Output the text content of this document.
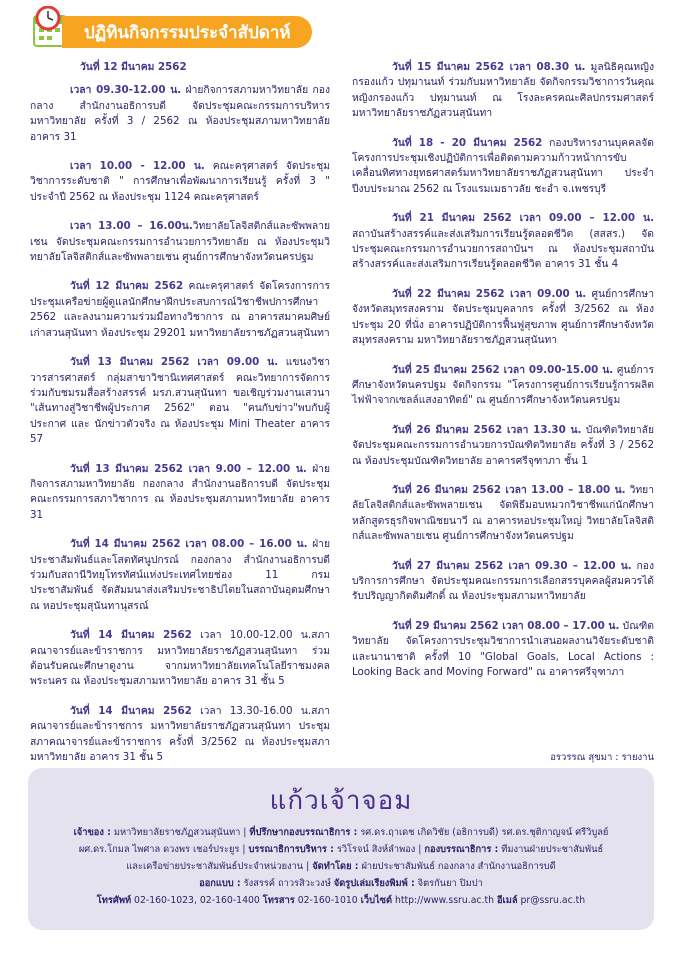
ปฏิทินกิจกรรมประจำสัปดาห์
วันที่ 12 มีนาคม 2562

เวลา 09.30-12.00 น. ฝ่ายกิจการสภามหาวิทยาลัย กองกลาง สำนักงานอธิการบดี จัดประชุมคณะกรรมการบริหารมหาวิทยาลัย ครั้งที่ 3 / 2562 ณ ห้องประชุมสภามหาวิทยาลัย อาคาร 31

เวลา 10.00 - 12.00 น. คณะครุศาสตร์ จัดประชุมวิชาการระดับชาติ " การศึกษาเพื่อพัฒนาการเรียนรู้ ครั้งที่ 3 " ประจำปี 2562 ณ ห้องประชุม 1124 คณะครุศาสตร์

เวลา 13.00 – 16.00น.วิทยาลัยโลจิสติกส์และซัพพลายเชน จัดประชุมคณะกรรมการอำนวยการวิทยาลัย ณ ห้องประชุมวิทยาลัยโลจิสติกส์และซัพพลายเชน ศูนย์การศึกษาจังหวัดนครปฐม

วันที่ 12 มีนาคม 2562 คณะครุศาสตร์ จัดโครงการการประชุมเครือข่ายผู้ดูแลนักศึกษาฝึกประสบการณ์วิชาชีพปการศึกษา 2562 และลงนามความร่วมมือทางวิชาการ ณ อาคารสมาคมศิษย์เก่าสวนสุนันทา ห้องประชุม 29201 มหาวิทยาลัยราชภัฏสวนสุนันทา

วันที่ 13 มีนาคม 2562 เวลา 09.00 น. แขนงวิชาวารสารศาสตร์ กลุ่มสาขาวิชานิเทศศาสตร์ คณะวิทยาการจัดการ ร่วมกับชมรมสื่อสร้างสรรค์ มรภ.สวนสุนันทา ขอเชิญร่วมงานเสวนา "เส้นทางสู่วิชาชีพผู้ประกาศ 2562" ตอน "คนกับข่าว"พบกับผู้ประกาศ และ นักข่าวตัวจริง ณ ห้องประชุม Mini Theater อาคาร 57

วันที่ 13 มีนาคม 2562 เวลา 9.00 – 12.00 น. ฝ่ายกิจการสภามหาวิทยาลัย กองกลาง สำนักงานอธิการบดี จัดประชุมคณะกรรมการสภาวิชาการ ณ ห้องประชุมสภามหาวิทยาลัย อาคาร 31

วันที่ 14 มีนาคม 2562 เวลา 08.00 – 16.00 น. ฝ่ายประชาสัมพันธ์และโสตทัศนูปกรณ์ กองกลาง สำนักงานอธิการบดี ร่วมกับสถานีวิทยุโทรทัศน์แห่งประเทศไทยช่อง 11 กรมประชาสัมพันธ์ จัดสัมมนาส่งเสริมประชาธิปไตยในสถาบันอุดมศึกษา ณ หอประชุมสุนันทานุสรณ์

วันที่ 14 มีนาคม 2562 เวลา 10.00-12.00 น.สภาคณาจารย์และข้าราชการ มหาวิทยาลัยราชภัฏสวนสุนันทา ร่วมต้อนรับคณะศึกษาดูงาน จากมหาวิทยาลัยเทคโนโลยีราชมงคลพระนคร ณ ห้องประชุมสภามหาวิทยาลัย อาคาร 31 ชั้น 5

วันที่ 14 มีนาคม 2562 เวลา 13.30-16.00 น.สภาคณาจารย์และข้าราชการ มหาวิทยาลัยราชภัฏสวนสุนันทา ประชุมสภาคณาจารย์และข้าราชการ ครั้งที่ 3/2562 ณ ห้องประชุมสภามหาวิทยาลัย อาคาร 31 ชั้น 5

วันที่ 15 มีนาคม 2562 เวลา 08.30 น. มูลนิธิคุณหญิงกรองแก้ว ปทุมานนท์ ร่วมกับมหาวิทยาลัย จัดกิจกรรมวิชาการวันคุณหญิงกรองแก้ว ปทุมานนท์ ณ โรงละครคณะศิลปกรรมศาสตร์ มหาวิทยาลัยราชภัฏสวนสุนันทา

วันที่ 18 - 20 มีนาคม 2562 กองบริหารงานบุคคลจัดโครงการประชุมเชิงปฏิบัติการเพื่อติดตามความก้าวหน้าการขับเคลื่อนทิศทางยุทธศาสตร์มหาวิทยาลัยราชภัฏสวนสุนันทา ประจำปีงบประมาณ 2562 ณ โรงแรมเมธาวลัย ชะอำ จ.เพชรบุรี

วันที่ 21 มีนาคม 2562 เวลา 09.00 – 12.00 น. สถาบันสร้างสรรค์และส่งเสริมการเรียนรู้ตลอดชีวิต (สสสร.) จัดประชุมคณะกรรมการอำนวยการสถาบันฯ ณ ห้องประชุมสถาบันสร้างสรรค์และส่งเสริมการเรียนรู้ตลอดชีวิต อาคาร 31 ชั้น 4

วันที่ 22 มีนาคม 2562 เวลา 09.00 น. ศูนย์การศึกษาจังหวัดสมุทรสงคราม จัดประชุมบุคลากร ครั้งที่ 3/2562 ณ ห้องประชุม 20 ที่นั่ง อาคารปฏิบัติการฟื้นฟูสุขภาพ ศูนย์การศึกษาจังหวัดสมุทรสงคราม มหาวิทยาลัยราชภัฏสวนสุนันทา

วันที่ 25 มีนาคม 2562 เวลา 09.00-15.00 น. ศูนย์การศึกษาจังหวัดนครปฐม จัดกิจกรรม "โครงการศูนย์การเรียนรู้การผลิตไฟฟ้าจากเซลล์แสงอาทิตย์" ณ ศูนย์การศึกษาจังหวัดนครปฐม

วันที่ 26 มีนาคม 2562 เวลา 13.30 น. บัณฑิตวิทยาลัยจัดประชุมคณะกรรมการอำนวยการบัณฑิตวิทยาลัย ครั้งที่ 3 / 2562 ณ ห้องประชุมบัณฑิตวิทยาลัย อาคารศรีจุฑาภา ชั้น 1

วันที่ 26 มีนาคม 2562 เวลา 13.00 – 18.00 น. วิทยาลัยโลจิสติกส์และซัพพลายเชน จัดพิธีมอบหมวกวิชาชีพแก่นักศึกษาหลักสูตรธุรกิจพาณิชยนาวี ณ อาคารหอประชุมใหญ่ วิทยาลัยโลจิสติกส์และซัพพลายเชน ศูนย์การศึกษาจังหวัดนครปฐม

วันที่ 27 มีนาคม 2562 เวลา 09.30 – 12.00 น. กองบริการการศึกษา จัดประชุมคณะกรรมการเลือกสรรบุคคลผู้สมควรได้รับปริญญากิตติมศักดิ์ ณ ห้องประชุมสภามหาวิทยาลัย

วันที่ 29 มีนาคม 2562 เวลา 08.00 – 17.00 น. บัณฑิตวิทยาลัย จัดโครงการประชุมวิชาการนำเสนอผลงานวิจัยระดับชาติและนานาชาติ ครั้งที่ 10 "Global Goals, Local Actions : Looking Back and Moving Forward" ณ อาคารศรีจุฑาภา

อรวรรณ สุขมา : รายงาน
แก้วเจ้าจอม
เจ้าของ : มหาวิทยาลัยราชภัฏสวนสุนันทา | ที่ปรึกษากองบรรณาธิการ : รศ.ดร.ฤาเดช เกิดวิชัย (อธิการบดี) รศ.ดร.ชุติกาญจน์ ศรีวิบูลย์
ผศ.ดร.โกมล ไพศาล ดวงพร เชอร์ประยูร | บรรณาธิการบริหาร : รวิโรจน์ สิงห์ลำพอง | กองบรรณาธิการ : ทีมงานฝ่ายประชาสัมพันธ์
และเครือข่ายประชาสัมพันธ์ประจำหน่วยงาน | จัดทำโดย : ฝ่ายประชาสัมพันธ์ กองกลาง สำนักงานอธิการบดี
ออกแบบ : รังสรรค์ ถาวรสิวะวงษ์ จัดรูปเล่มเรียงพิมพ์ : จิตรกันยา ปิมปา
โทรศัพท์ 02-160-1023, 02-160-1400 โทรสาร 02-160-1010 เว็บไซต์ http://www.ssru.ac.th อีเมล์ pr@ssru.ac.th
